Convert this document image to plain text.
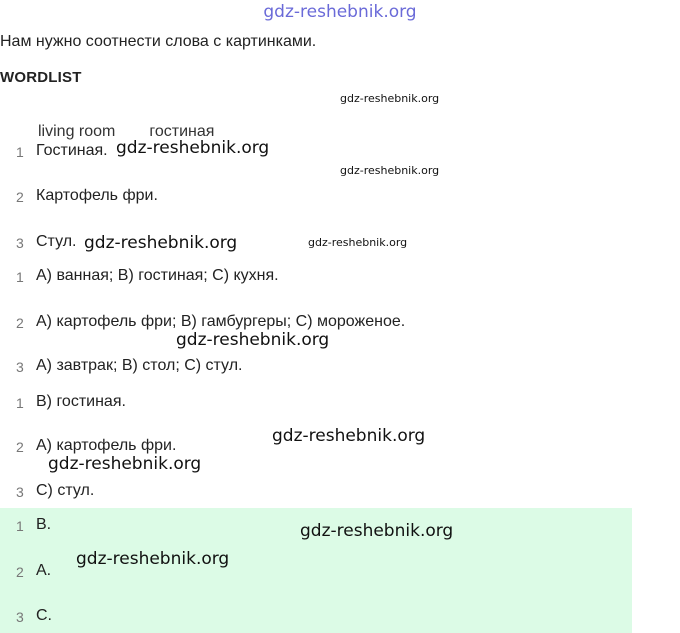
gdz-reshebnik.org
Нам нужно соотнести слова с картинками.
WORDLIST
living room гостиная
1 Гостиная.
2 Картофель фри.
3 Стул.
1 A) ванная; B) гостиная; C) кухня.
2 A) картофель фри; B) гамбургеры; C) мороженое.
3 A) завтрак; B) стол; C) стул.
1 B) гостиная.
2 A) картофель фри.
3 C) стул.
1 B.
2 A.
3 C.
gdz-reshebnik.org
gdz-reshebnik.org
gdz-reshebnik.org
gdz-reshebnik.org	gdz-reshebnik.org
gdz-reshebnik.org
gdz-reshebnik.org
gdz-reshebnik.org
gdz-reshebnik.org
gdz-reshebnik.org
